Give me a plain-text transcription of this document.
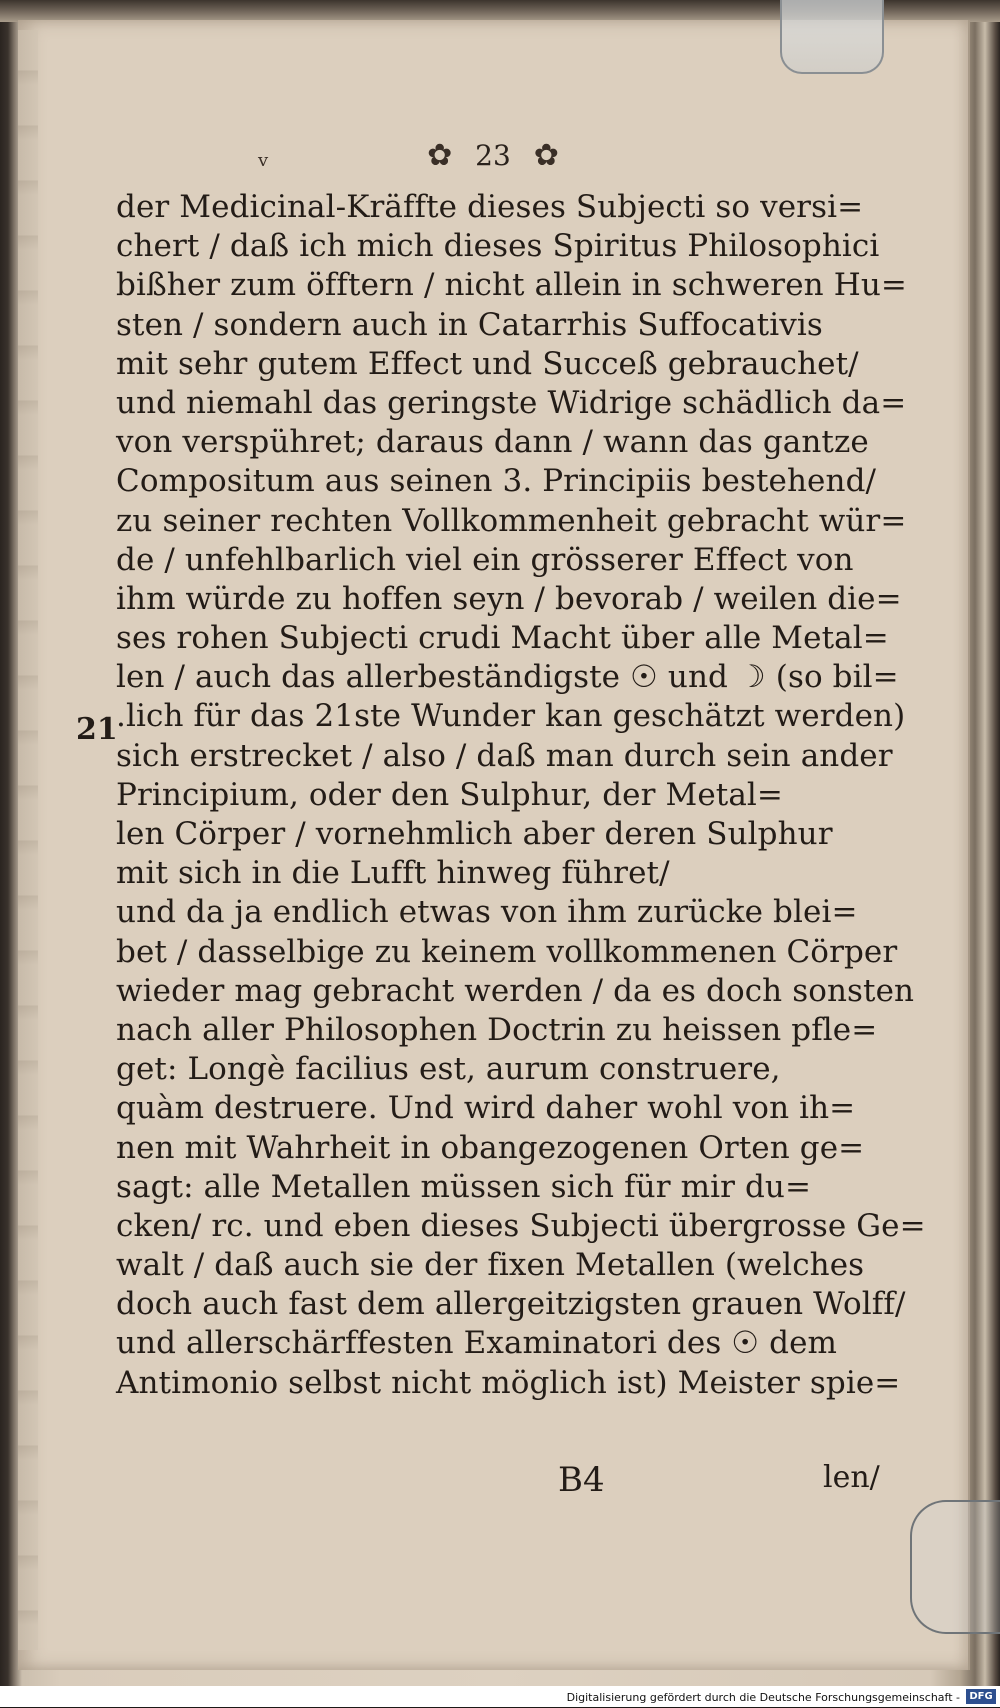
v	✿ 23 ✿
21
der Medicinal-Kräffte dieses Subjecti so versi=
chert / daß ich mich dieses Spiritus Philosophici
bißher zum öfftern / nicht allein in schweren Hu=
sten / sondern auch in Catarrhis Suffocativis
mit sehr gutem Effect und Succeß gebrauchet/
und niemahl das geringste Widrige schädlich da=
von verspühret; daraus dann / wann das gantze
Compositum aus seinen 3. Principiis bestehend/
zu seiner rechten Vollkommenheit gebracht wür=
de / unfehlbarlich viel ein grösserer Effect von
ihm würde zu hoffen seyn / bevorab / weilen die=
ses rohen Subjecti crudi Macht über alle Metal=
len / auch das allerbeständigste ☉ und ☽ (so bil=
.lich für das 21ste Wunder kan geschätzt werden)
sich erstrecket / also / daß man durch sein ander
Principium, oder den Sulphur, der Metal=
len Cörper / vornehmlich aber deren Sulphur
mit sich in die Lufft hinweg führet/
und da ja endlich etwas von ihm zurücke blei=
bet / dasselbige zu keinem vollkommenen Cörper
wieder mag gebracht werden / da es doch sonsten
nach aller Philosophen Doctrin zu heissen pfle=
get: Longè facilius est, aurum construere,
quàm destruere. Und wird daher wohl von ih=
nen mit Wahrheit in obangezogenen Orten ge=
sagt: alle Metallen müssen sich für mir du=
cken/ rc. und eben dieses Subjecti übergrosse Ge=
walt / daß auch sie der fixen Metallen (welches
doch auch fast dem allergeitzigsten grauen Wolff/
und allerschärffesten Examinatori des ☉ dem
Antimonio selbst nicht möglich ist) Meister spie=
B4	len/
Digitalisierung gefördert durch die Deutsche Forschungsgemeinschaft - DFG
